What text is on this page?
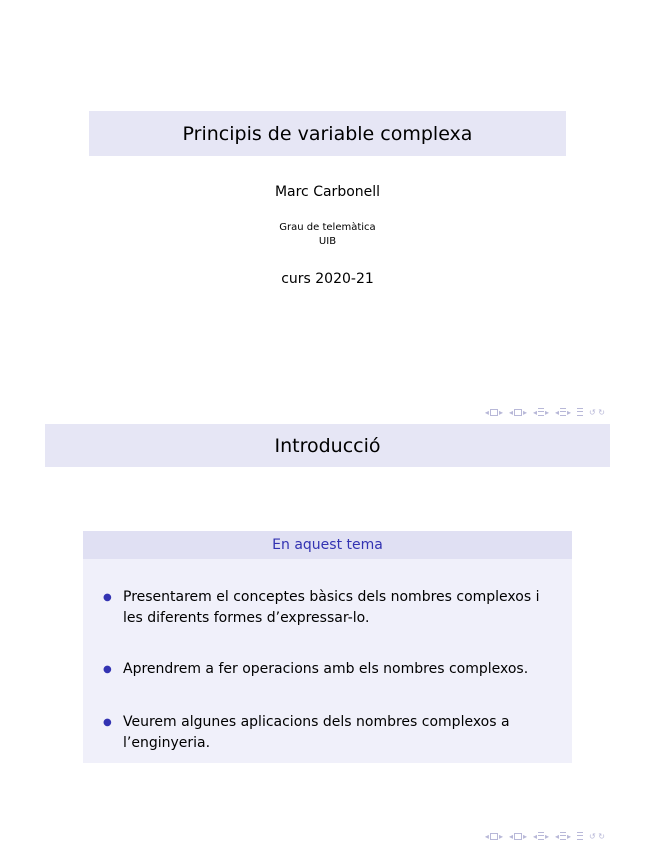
Principis de variable complexa
Marc Carbonell
Grau de telemàtica
UIB
curs 2020-21
◂ ▸ ◂ ▸ ◂ ▸ ◂ ▸ ↺ ↻
Introducció
En aquest tema
● Presentarem el conceptes bàsics dels nombres complexos i les diferents formes d’expressar-lo.
● Aprendrem a fer operacions amb els nombres complexos.
● Veurem algunes aplicacions dels nombres complexos a l’enginyeria.
◂ ▸ ◂ ▸ ◂ ▸ ◂ ▸ ↺ ↻
